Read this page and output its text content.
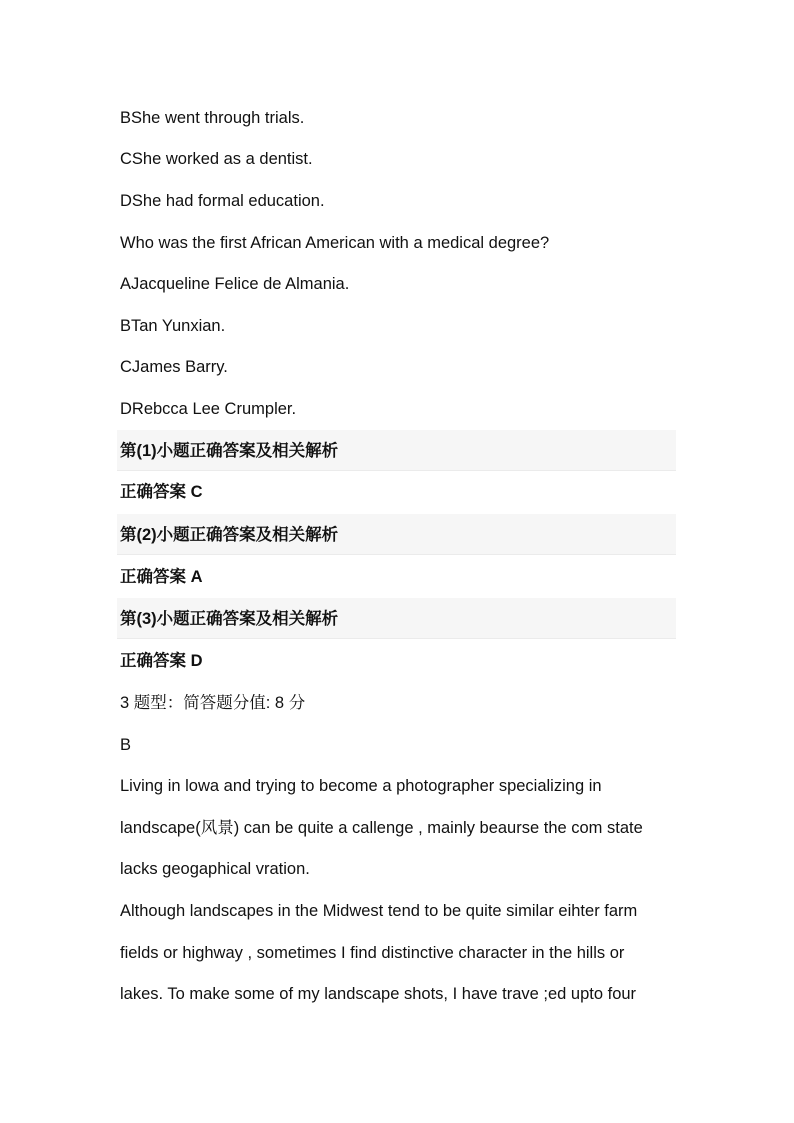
BShe went through trials.
CShe worked as a dentist.
DShe had formal education.
Who was the first African American with a medical degree?
AJacqueline Felice de Almania.
BTan Yunxian.
CJames Barry.
DRebcca Lee Crumpler.
第(1)小题正确答案及相关解析
正确答案 C
第(2)小题正确答案及相关解析
正确答案 A
第(3)小题正确答案及相关解析
正确答案 D
3 题型：简答题分值: 8 分
B
Living in lowa and trying to become a photographer specializing in
landscape(风景) can be quite a callenge , mainly beaurse the com state
lacks geogaphical vration.
Although landscapes in the Midwest tend to be quite similar eihter farm
fields or highway , sometimes I find distinctive character in the hills or
lakes. To make some of my landscape shots, I have trave ;ed upto four
